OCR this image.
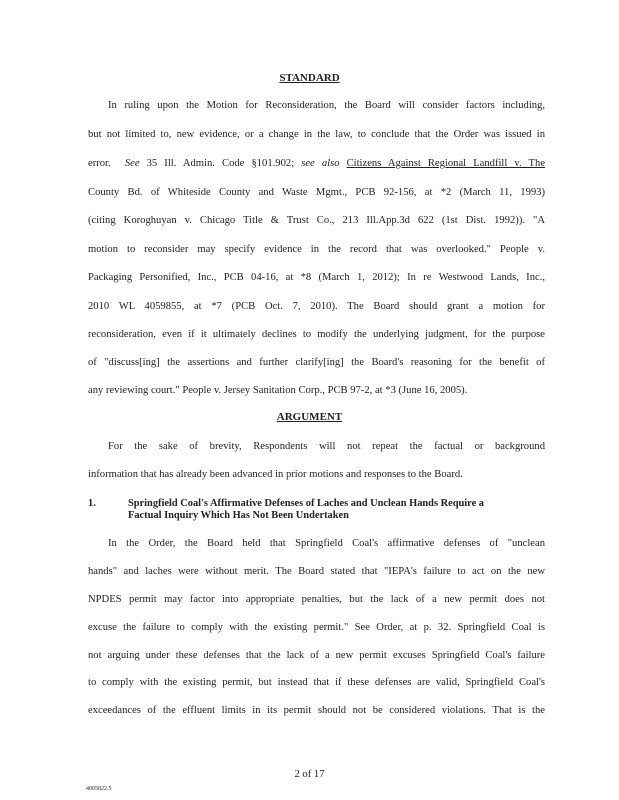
STANDARD
In ruling upon the Motion for Reconsideration, the Board will consider factors including,
but not limited to, new evidence, or a change in the law, to conclude that the Order was issued in
error. See 35 Ill. Admin. Code §101.902; see also Citizens Against Regional Landfill v. The
County Bd. of Whiteside County and Waste Mgmt., PCB 92-156, at *2 (March 11, 1993)
(citing Koroghuyan v. Chicago Title & Trust Co., 213 Ill.App.3d 622 (1st Dist. 1992)). "A
motion to reconsider may specify evidence in the record that was overlooked." People v.
Packaging Personified, Inc., PCB 04-16, at *8 (March 1, 2012); In re Westwood Lands, Inc.,
2010 WL 4059855, at *7 (PCB Oct. 7, 2010). The Board should grant a motion for
reconsideration, even if it ultimately declines to modify the underlying judgment, for the purpose
of "discuss[ing] the assertions and further clarify[ing] the Board's reasoning for the benefit of
any reviewing court." People v. Jersey Sanitation Corp., PCB 97-2, at *3 (June 16, 2005).
ARGUMENT
For the sake of brevity, Respondents will not repeat the factual or background
information that has already been advanced in prior motions and responses to the Board.
1.	Springfield Coal's Affirmative Defenses of Laches and Unclean Hands Require a
Factual Inquiry Which Has Not Been Undertaken
In the Order, the Board held that Springfield Coal's affirmative defenses of "unclean
hands" and laches were without merit. The Board stated that "IEPA's failure to act on the new
NPDES permit may factor into appropriate penalties, but the lack of a new permit does not
excuse the failure to comply with the existing permit." See Order, at p. 32. Springfield Coal is
not arguing under these defenses that the lack of a new permit excuses Springfield Coal's failure
to comply with the existing permit, but instead that if these defenses are valid, Springfield Coal's
exceedances of the effluent limits in its permit should not be considered violations. That is the
2 of 17
4005822.5
